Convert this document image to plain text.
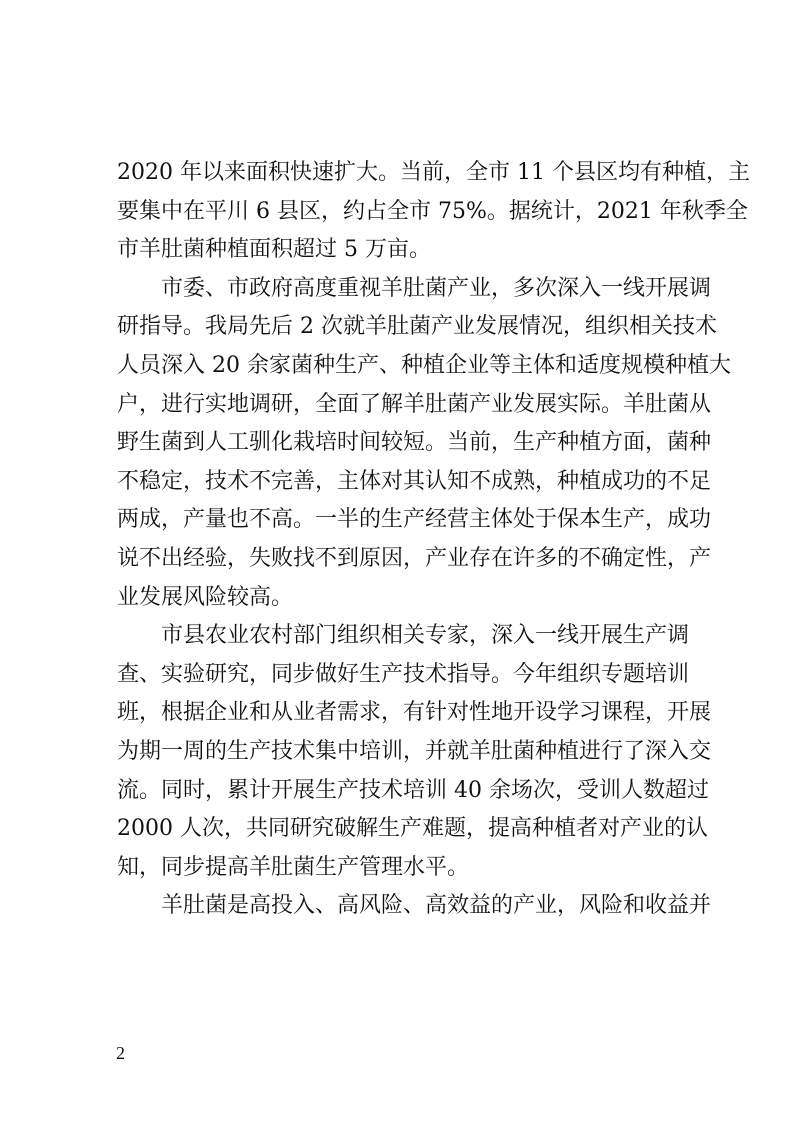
2020 年以来面积快速扩大。当前，全市 11 个县区均有种植，主
要集中在平川 6 县区，约占全市 75%。据统计，2021 年秋季全
市羊肚菌种植面积超过 5 万亩。
　　市委、市政府高度重视羊肚菌产业，多次深入一线开展调
研指导。我局先后 2 次就羊肚菌产业发展情况，组织相关技术
人员深入 20 余家菌种生产、种植企业等主体和适度规模种植大
户，进行实地调研，全面了解羊肚菌产业发展实际。羊肚菌从
野生菌到人工驯化栽培时间较短。当前，生产种植方面，菌种
不稳定，技术不完善，主体对其认知不成熟，种植成功的不足
两成，产量也不高。一半的生产经营主体处于保本生产，成功
说不出经验，失败找不到原因，产业存在许多的不确定性，产
业发展风险较高。
　　市县农业农村部门组织相关专家，深入一线开展生产调
查、实验研究，同步做好生产技术指导。今年组织专题培训
班，根据企业和从业者需求，有针对性地开设学习课程，开展
为期一周的生产技术集中培训，并就羊肚菌种植进行了深入交
流。同时，累计开展生产技术培训 40 余场次，受训人数超过
2000 人次，共同研究破解生产难题，提高种植者对产业的认
知，同步提高羊肚菌生产管理水平。
　　羊肚菌是高投入、高风险、高效益的产业，风险和收益并
2
